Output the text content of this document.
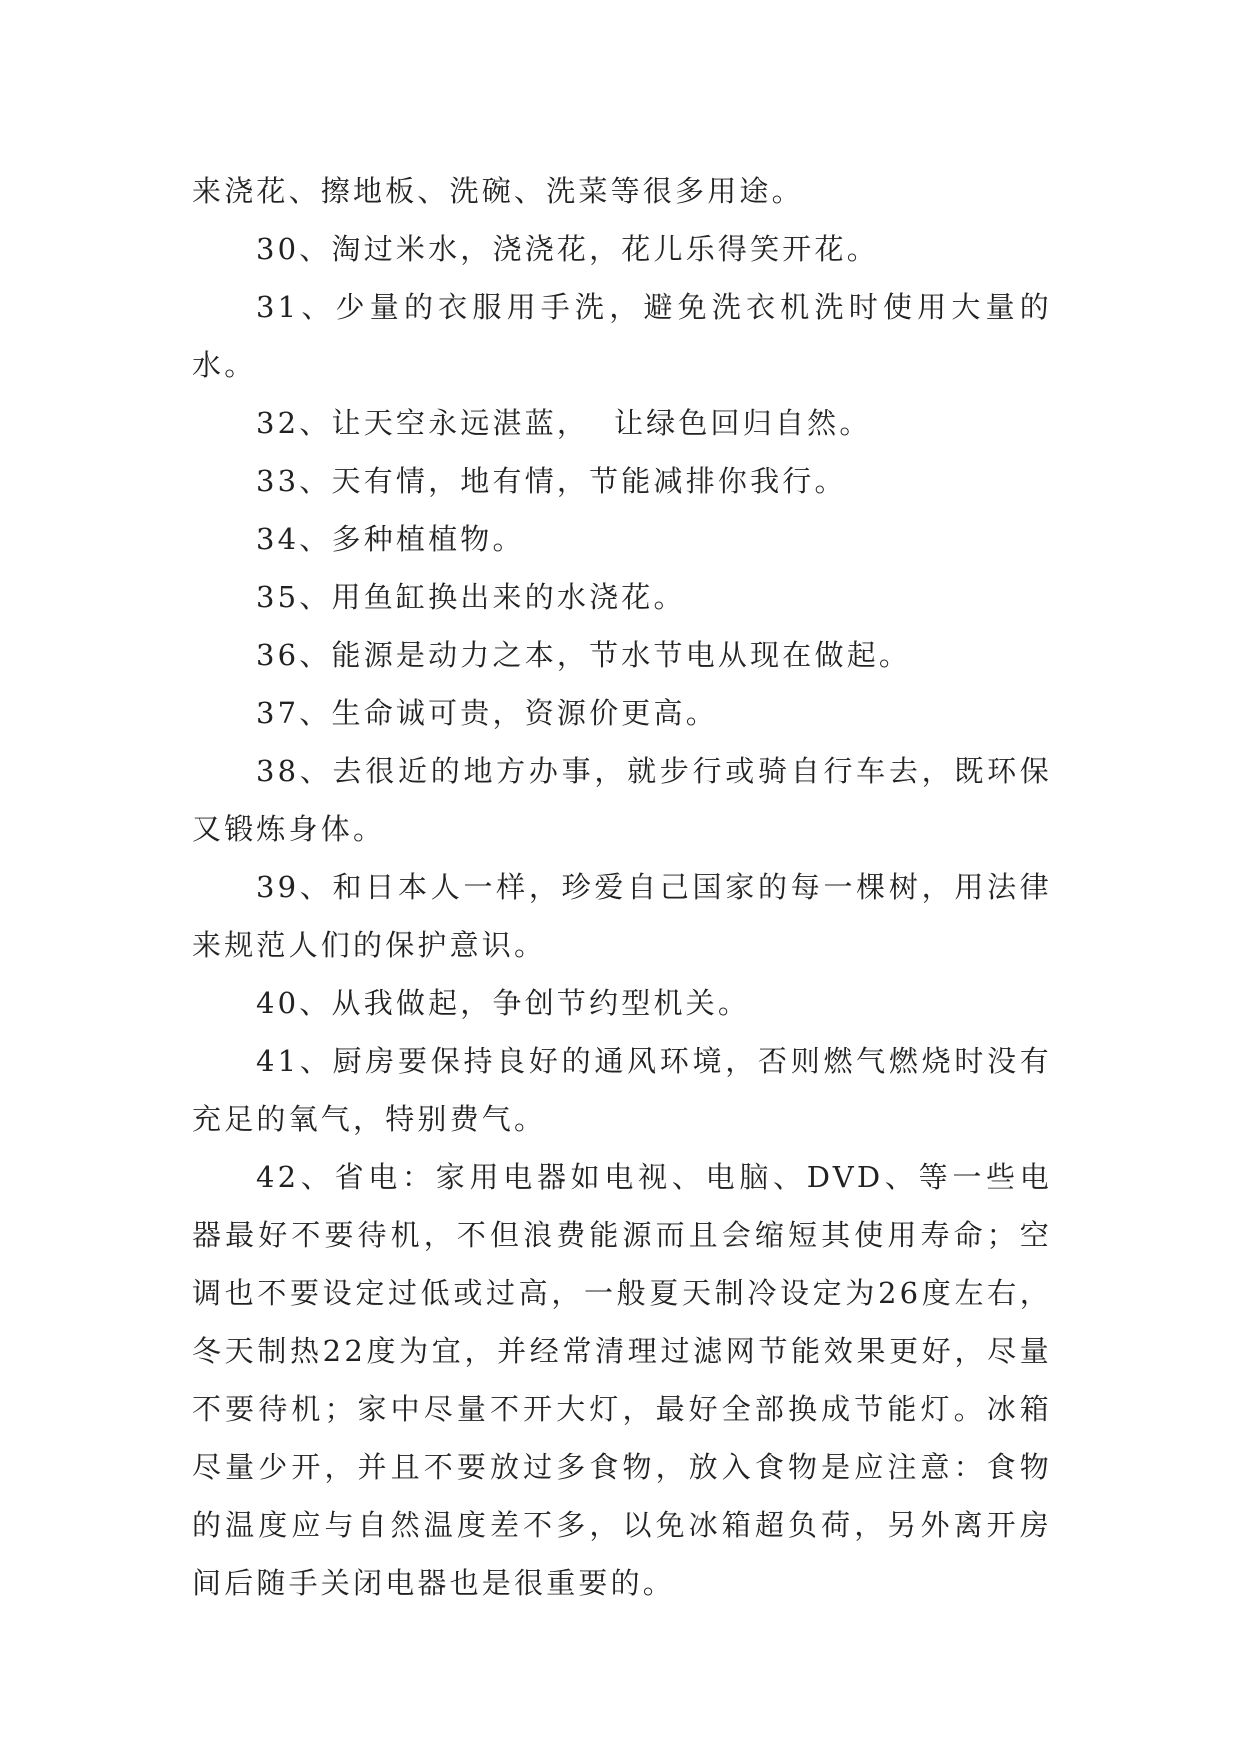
来浇花、擦地板、洗碗、洗菜等很多用途。

30、淘过米水，浇浇花，花儿乐得笑开花。

31、少量的衣服用手洗，避免洗衣机洗时使用大量的水。

32、让天空永远湛蓝，  让绿色回归自然。

33、天有情，地有情，节能减排你我行。

34、多种植植物。

35、用鱼缸换出来的水浇花。

36、能源是动力之本，节水节电从现在做起。

37、生命诚可贵，资源价更高。

38、去很近的地方办事，就步行或骑自行车去，既环保又锻炼身体。

39、和日本人一样，珍爱自己国家的每一棵树，用法律来规范人们的保护意识。

40、从我做起，争创节约型机关。

41、厨房要保持良好的通风环境，否则燃气燃烧时没有充足的氧气，特别费气。

42、省电：家用电器如电视、电脑、DVD、等一些电器最好不要待机，不但浪费能源而且会缩短其使用寿命；空调也不要设定过低或过高，一般夏天制冷设定为26度左右，冬天制热22度为宜，并经常清理过滤网节能效果更好，尽量不要待机；家中尽量不开大灯，最好全部换成节能灯。冰箱尽量少开，并且不要放过多食物，放入食物是应注意：食物的温度应与自然温度差不多，以免冰箱超负荷，另外离开房间后随手关闭电器也是很重要的。
